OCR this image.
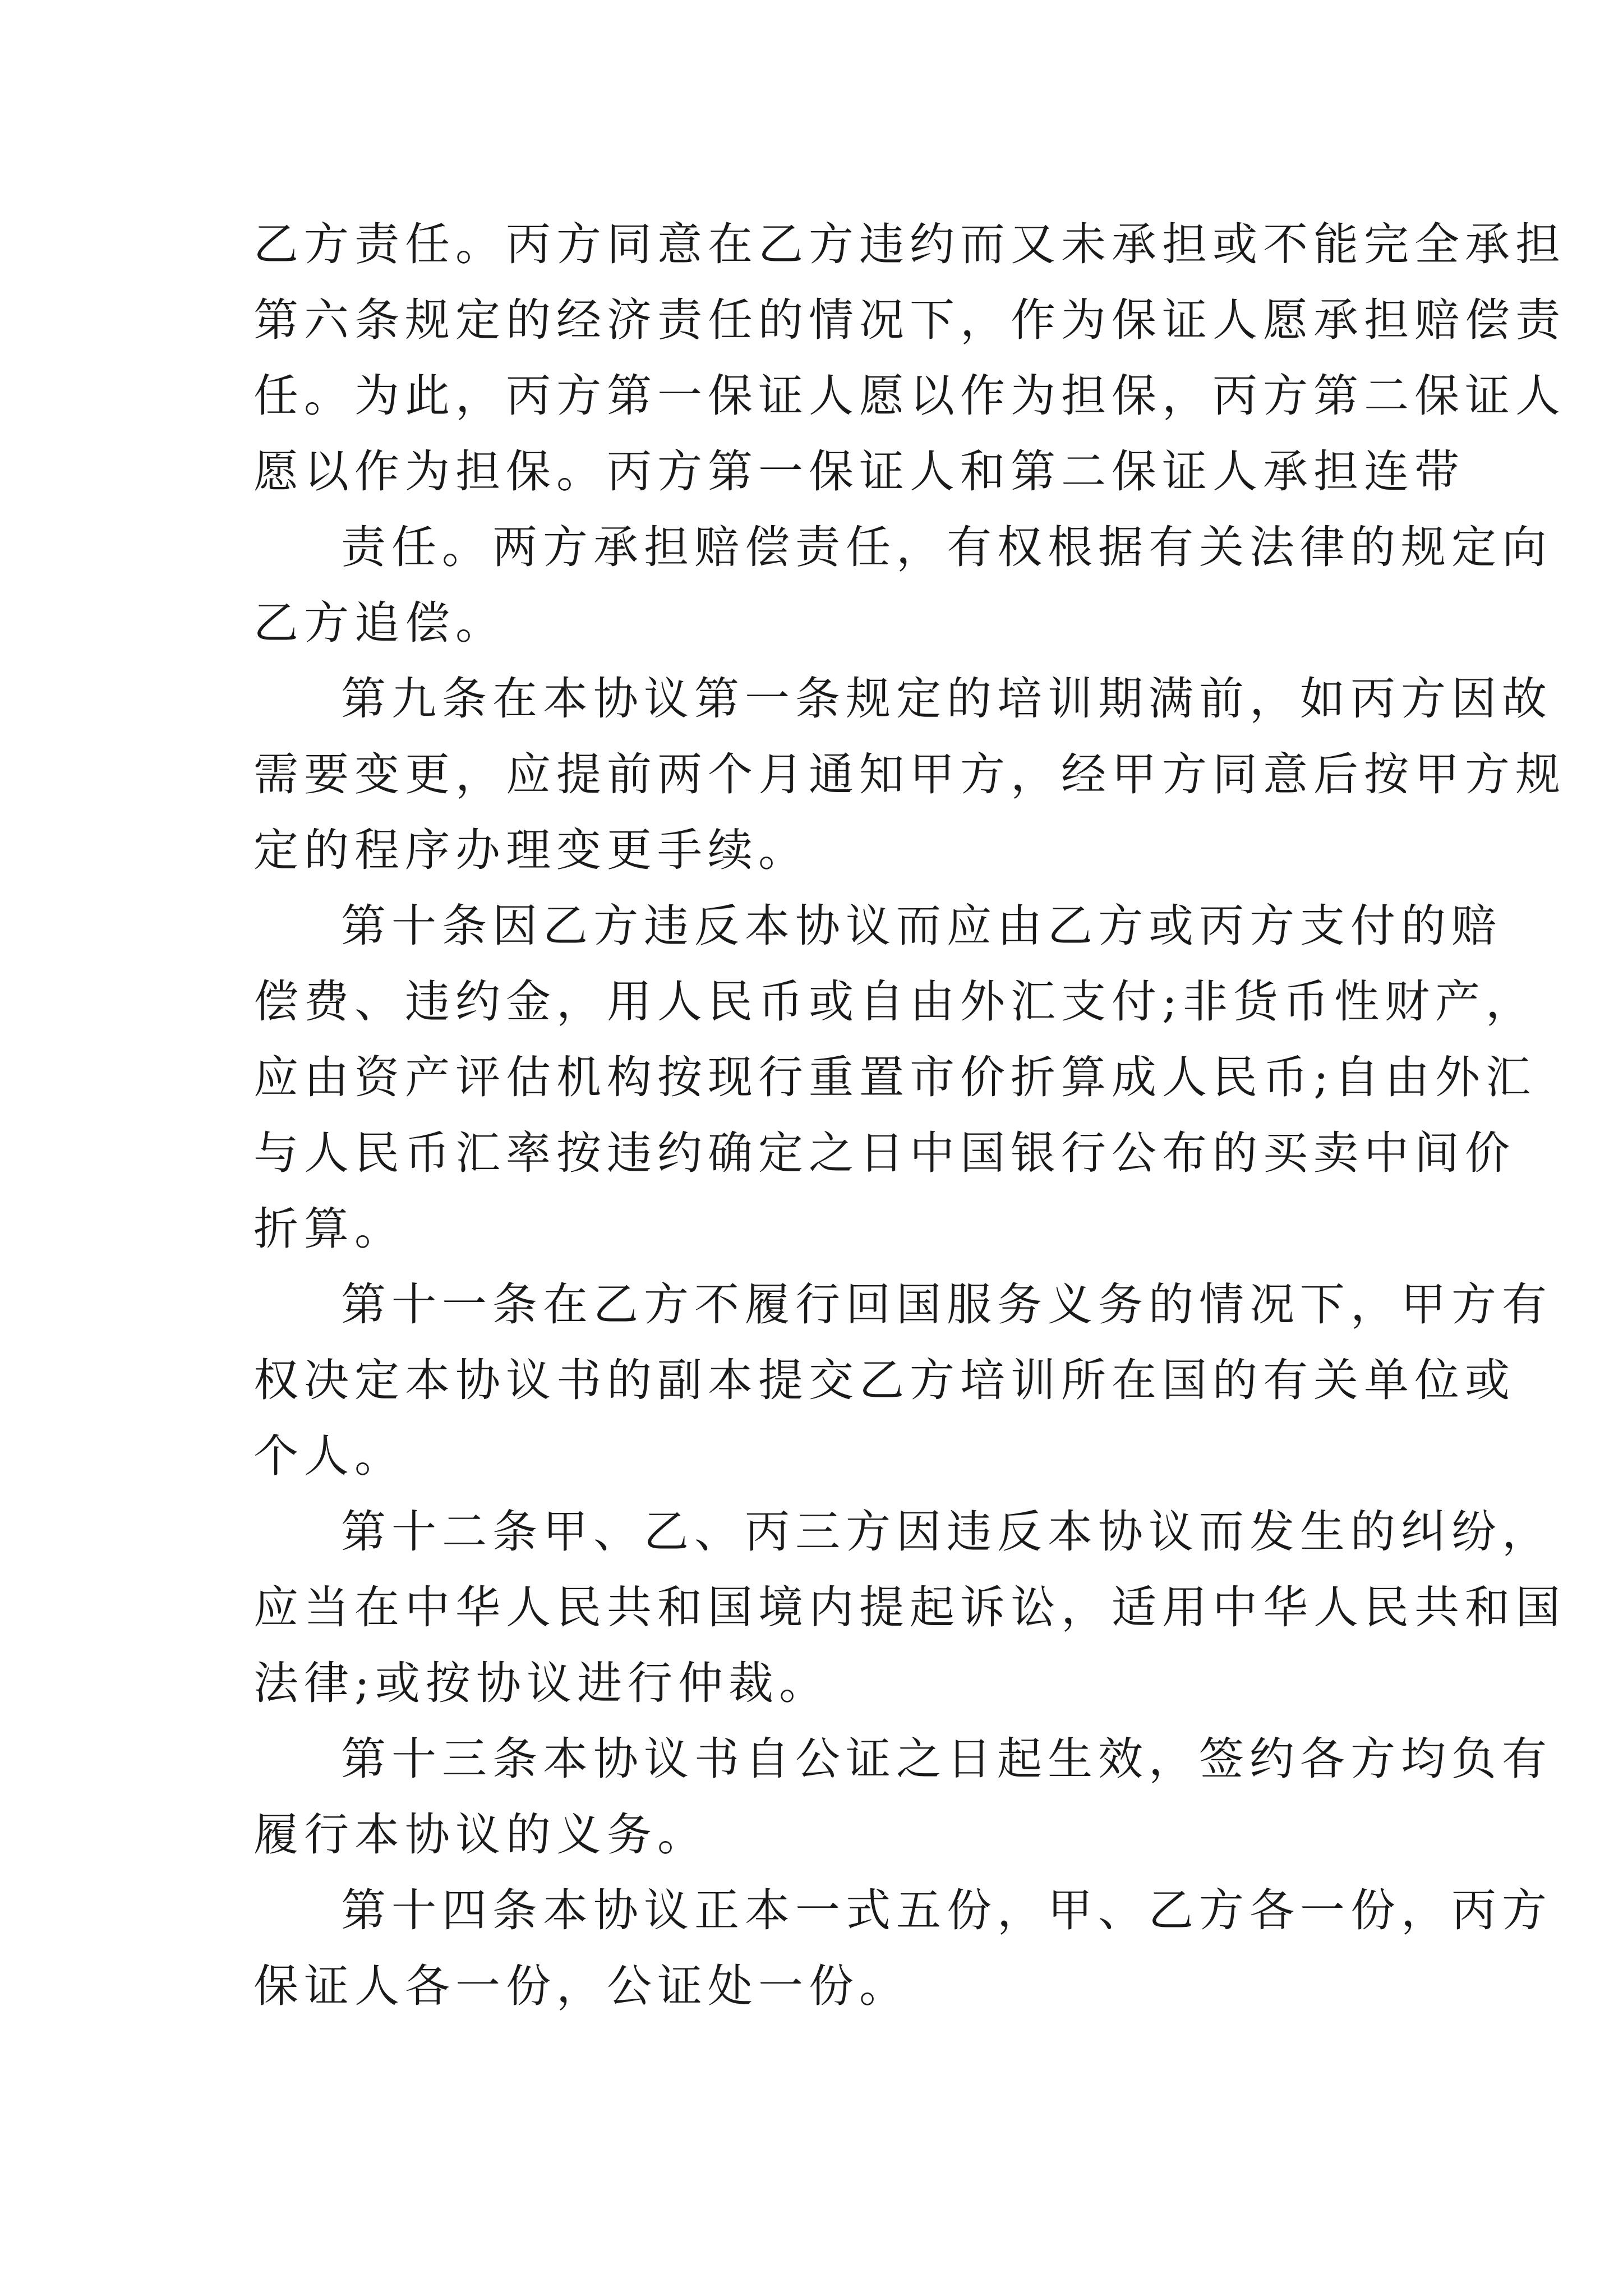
乙方责任。丙方同意在乙方违约而又未承担或不能完全承担
第六条规定的经济责任的情况下，作为保证人愿承担赔偿责
任。为此，丙方第一保证人愿以作为担保，丙方第二保证人
愿以作为担保。丙方第一保证人和第二保证人承担连带
责任。两方承担赔偿责任，有权根据有关法律的规定向
乙方追偿。
第九条在本协议第一条规定的培训期满前，如丙方因故
需要变更，应提前两个月通知甲方，经甲方同意后按甲方规
定的程序办理变更手续。
第十条因乙方违反本协议而应由乙方或丙方支付的赔
偿费、违约金，用人民币或自由外汇支付;非货币性财产，
应由资产评估机构按现行重置市价折算成人民币;自由外汇
与人民币汇率按违约确定之日中国银行公布的买卖中间价
折算。
第十一条在乙方不履行回国服务义务的情况下，甲方有
权决定本协议书的副本提交乙方培训所在国的有关单位或
个人。
第十二条甲、乙、丙三方因违反本协议而发生的纠纷，
应当在中华人民共和国境内提起诉讼，适用中华人民共和国
法律;或按协议进行仲裁。
第十三条本协议书自公证之日起生效，签约各方均负有
履行本协议的义务。
第十四条本协议正本一式五份，甲、乙方各一份，丙方
保证人各一份，公证处一份。
